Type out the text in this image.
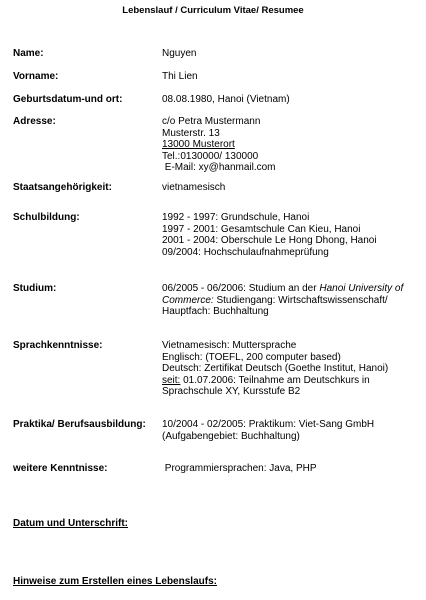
Lebenslauf / Curriculum Vitae/ Resumee
Name:	Nguyen
Vorname:	Thi Lien
Geburtsdatum-und ort:	08.08.1980, Hanoi (Vietnam)
Adresse:	c/o Petra Mustermann
Musterstr. 13
13000 Musterort
Tel.:0130000/ 130000
E-Mail: xy@hanmail.com
Staatsangehörigkeit:	vietnamesisch
Schulbildung:	1992 - 1997: Grundschule, Hanoi
1997 - 2001: Gesamtschule Can Kieu, Hanoi
2001 - 2004: Oberschule Le Hong Dhong, Hanoi
09/2004: Hochschulaufnahmeprüfung
Studium:	06/2005 - 06/2006: Studium an der Hanoi University of Commerce: Studiengang: Wirtschaftswissenschaft/ Hauptfach: Buchhaltung
Sprachkenntnisse:	Vietnamesisch: Muttersprache
Englisch: (TOEFL, 200 computer based)
Deutsch: Zertifikat Deutsch (Goethe Institut, Hanoi)
seit: 01.07.2006: Teilnahme am Deutschkurs in Sprachschule XY, Kursstufe B2
Praktika/ Berufsausbildung: 10/2004 - 02/2005: Praktikum: Viet-Sang GmbH
(Aufgabengebiet: Buchhaltung)
weitere Kenntnisse:	Programmiersprachen: Java, PHP
Datum und Unterschrift:
Hinweise zum Erstellen eines Lebenslaufs:
